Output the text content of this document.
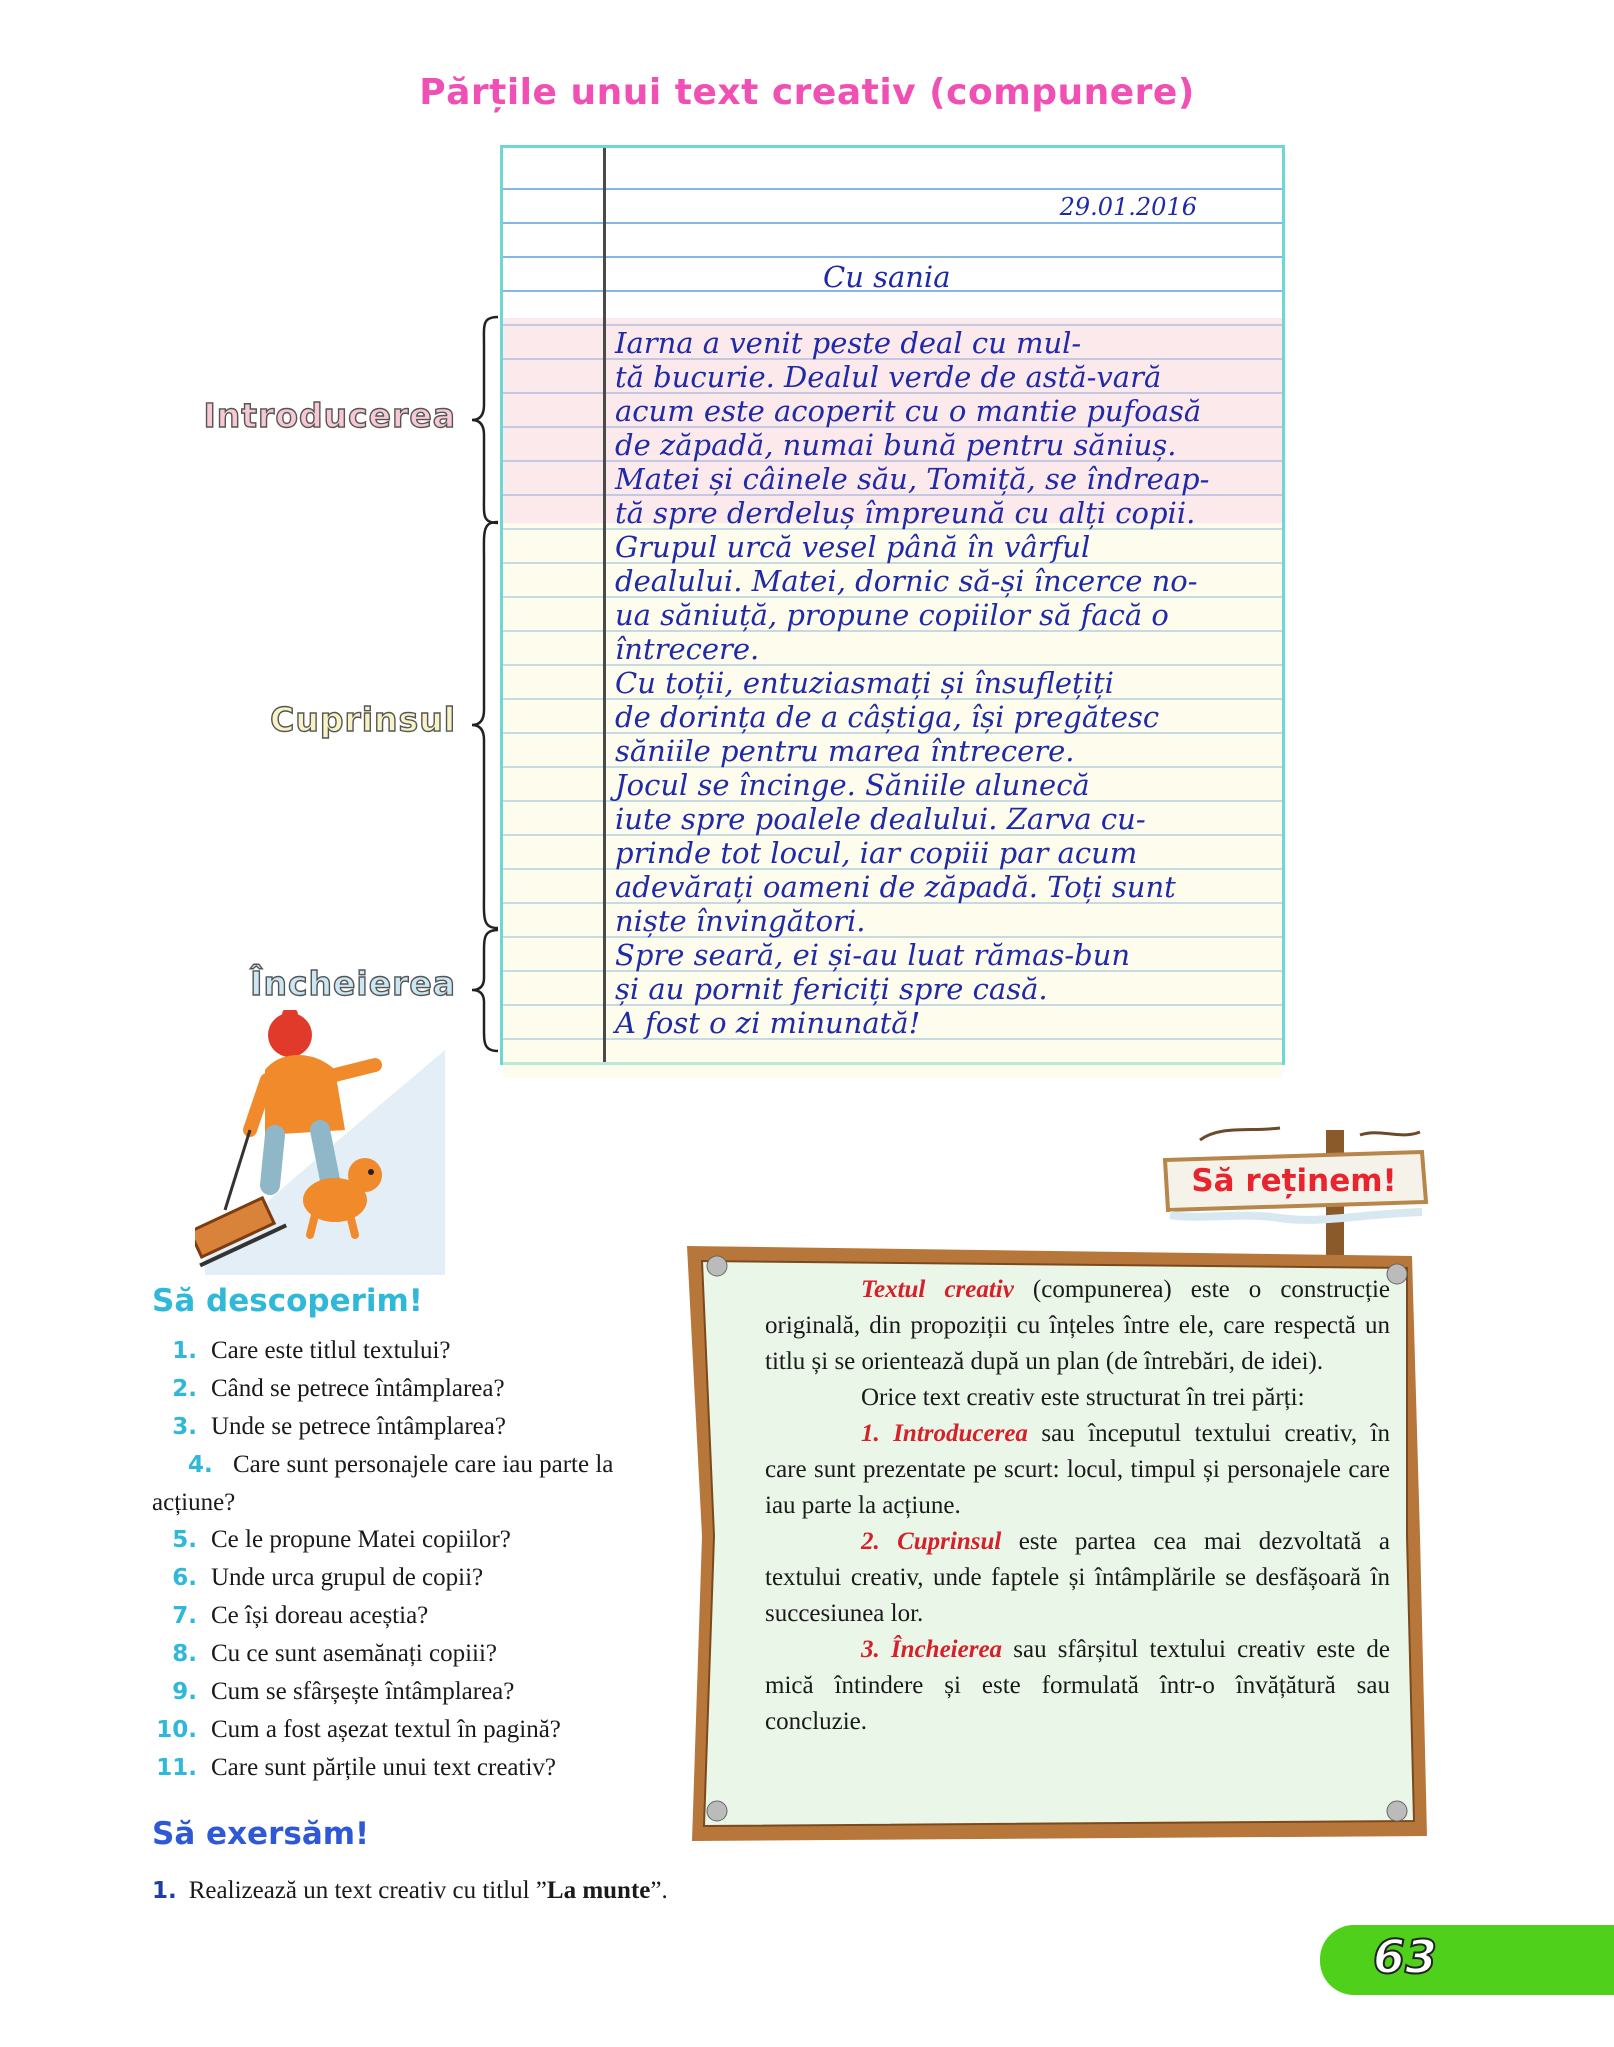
Părțile unui text creativ (compunere)
29.01.2016
Cu sania
Iarna a venit peste deal cu mul-
tă bucurie. Dealul verde de astă-vară
acum este acoperit cu o mantie pufoasă
de zăpadă, numai bună pentru săniuș.
Matei și câinele său, Tomiță, se îndreap-
tă spre derdeluș împreună cu alți copii.
Grupul urcă vesel până în vârful
dealului. Matei, dornic să-și încerce no-
ua săniuță, propune copiilor să facă o
întrecere.
Cu toții, entuziasmați și însuflețiți
de dorința de a câștiga, își pregătesc
săniile pentru marea întrecere.
Jocul se încinge. Săniile alunecă
iute spre poalele dealului. Zarva cu-
prinde tot locul, iar copiii par acum
adevărați oameni de zăpadă. Toți sunt
niște învingători.
Spre seară, ei și-au luat rămas-bun
și au pornit fericiți spre casă.
A fost o zi minunată!
Introducerea
Cuprinsul
Încheierea
Să descoperim!
1. Care este titlul textului?
2. Când se petrece întâmplarea?
3. Unde se petrece întâmplarea?
4. Care sunt personajele care iau parte la acțiune?
5. Ce le propune Matei copiilor?
6. Unde urca grupul de copii?
7. Ce își doreau aceștia?
8. Cu ce sunt asemănați copiii?
9. Cum se sfârșește întâmplarea?
10. Cum a fost așezat textul în pagină?
11. Care sunt părțile unui text creativ?
Să exersăm!
1. Realizează un text creativ cu titlul ”La munte”.
Să reținem!

Textul creativ (compunerea) este o construcție originală, din propoziții cu înțeles între ele, care respectă un titlu și se orientează după un plan (de întrebări, de idei).

Orice text creativ este structurat în trei părți:

1. Introducerea sau începutul textului creativ, în care sunt prezentate pe scurt: locul, timpul și personajele care iau parte la acțiune.

2. Cuprinsul este partea cea mai dezvoltată a textului creativ, unde faptele și întâmplările se desfășoară în succesiunea lor.

3. Încheierea sau sfârșitul textului creativ este de mică întindere și este formulată într-o învățătură sau concluzie.

63
